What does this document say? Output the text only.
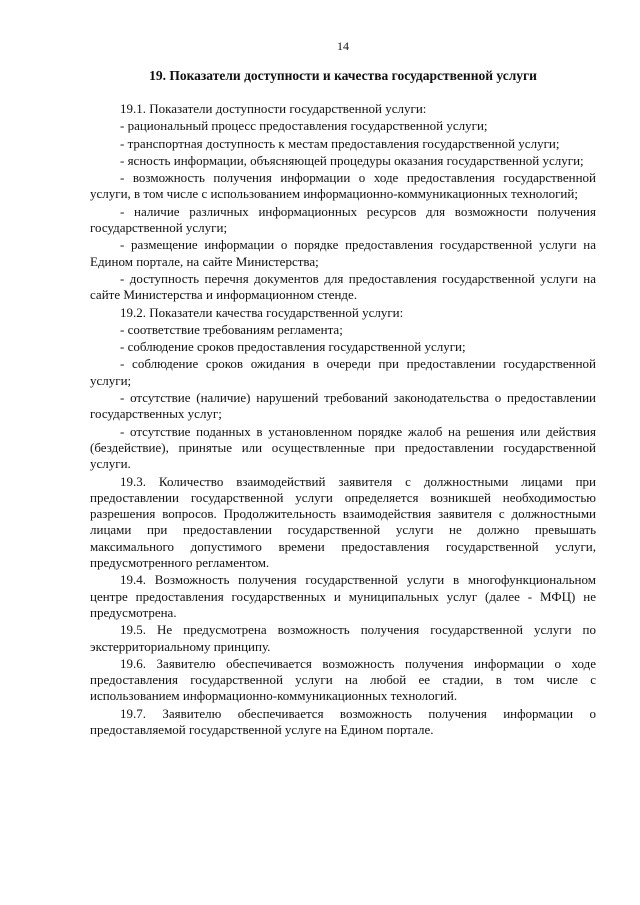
14
19. Показатели доступности и качества государственной услуги

19.1. Показатели доступности государственной услуги:

- рациональный процесс предоставления государственной услуги;

- транспортная доступность к местам предоставления государственной услуги;

- ясность информации, объясняющей процедуры оказания государственной услуги;

- возможность получения информации о ходе предоставления государственной услуги, в том числе с использованием информационно-коммуникационных технологий;

- наличие различных информационных ресурсов для возможности получения государственной услуги;

- размещение информации о порядке предоставления государственной услуги на Едином портале, на сайте Министерства;

- доступность перечня документов для предоставления государственной услуги на сайте Министерства и информационном стенде.

19.2. Показатели качества государственной услуги:

- соответствие требованиям регламента;

- соблюдение сроков предоставления государственной услуги;

- соблюдение сроков ожидания в очереди при предоставлении государственной услуги;

- отсутствие (наличие) нарушений требований законодательства о предоставлении государственных услуг;

- отсутствие поданных в установленном порядке жалоб на решения или действия (бездействие), принятые или осуществленные при предоставлении государственной услуги.

19.3. Количество взаимодействий заявителя с должностными лицами при предоставлении государственной услуги определяется возникшей необходимостью разрешения вопросов. Продолжительность взаимодействия заявителя с должностными лицами при предоставлении государственной услуги не должно превышать максимального допустимого времени предоставления государственной услуги, предусмотренного регламентом.

19.4. Возможность получения государственной услуги в многофункциональном центре предоставления государственных и муниципальных услуг (далее - МФЦ) не предусмотрена.

19.5. Не предусмотрена возможность получения государственной услуги по экстерриториальному принципу.

19.6. Заявителю обеспечивается возможность получения информации о ходе предоставления государственной услуги на любой ее стадии, в том числе с использованием информационно-коммуникационных технологий.

19.7. Заявителю обеспечивается возможность получения информации о предоставляемой государственной услуге на Едином портале.
